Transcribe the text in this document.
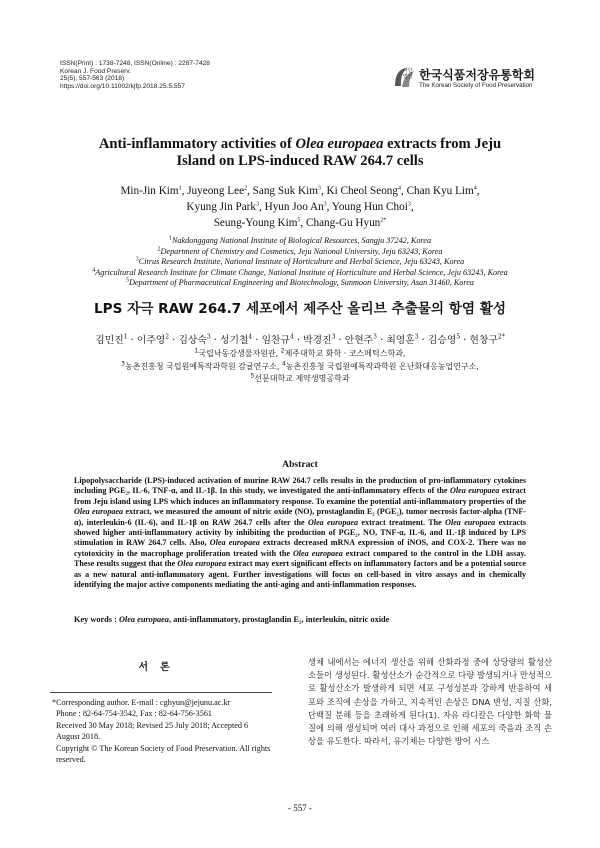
ISSN(Print) : 1738-7248, ISSN(Online) : 2287-7428
Korean J. Food Preserv.
25(5), 557-563 (2018)
https://doi.org/10.11002/kjfp.2018.25.5.557
사단
법인 한국식품저장유통학회
The Korean Society of Food Preservation
Anti-inflammatory activities of Olea europaea extracts from Jeju
Island on LPS-induced RAW 264.7 cells
Min-Jin Kim$^1$, Juyeong Lee$^2$, Sang Suk Kim$^3$, Ki Cheol Seong$^4$, Chan Kyu Lim$^4$,
Kyung Jin Park$^3$, Hyun Joo An$^3$, Young Hun Choi$^3$,
Seung-Young Kim$^5$, Chang-Gu Hyun$^{2*}$
$^1$Nakdonggang National Institute of Biological Resources, Sangju 37242, Korea
$^2$Department of Chemistry and Cosmetics, Jeju National University, Jeju 63243, Korea
$^3$Citrus Research Institute, National Institute of Horticulture and Herbal Science, Jeju 63243, Korea
$^4$Agricultural Research Institute for Climate Change, National Institute of Horticulture and Herbal Science, Jeju 63243, Korea
$^5$Department of Pharmaceutical Engineering and Biotechnology, Sunmoon University, Asan 31460, Korea
LPS 자극 RAW 264.7 세포에서 제주산 올리브 추출물의 항염 활성
김민진$^1$ · 이주영$^2$ · 김상숙$^3$ · 성기철$^4$ · 임찬규$^4$ · 박경진$^3$ · 안현주$^3$ · 최영훈$^3$ · 김승영$^5$ · 현창구$^{2*}$
$^1$국립낙동강생물자원관, $^2$제주대학교 화학 · 코스메틱스학과,
$^3$농촌진흥청 국립원예특작과학원 감귤연구소, $^4$농촌진흥청 국립원예특작과학원 온난화대응농업연구소,
$^5$선문대학교 제약생명공학과
Abstract
Lipopolysaccharide (LPS)-induced activation of murine RAW 264.7 cells results in the production of pro-inflammatory cytokines including PGE₂, IL-6, TNF-α, and IL-1β. In this study, we investigated the anti-inflammatory effects of the Olea europaea extract from Jeju island using LPS which induces an inflammatory response. To examine the potential anti-inflammatory properties of the Olea europaea extract, we measured the amount of nitric oxide (NO), prostaglandin E₂ (PGE₂), tumor necrosis factor-alpha (TNF-α), interleukin-6 (IL-6), and IL-1β on RAW 264.7 cells after the Olea europaea extract treatment. The Olea europaea extracts showed higher anti-inflammatory activity by inhibiting the production of PGE₂, NO, TNF-α, IL-6, and IL-1β induced by LPS stimulation in RAW 264.7 cells. Also, Olea europaea extracts decreased mRNA expression of iNOS, and COX-2. There was no cytotoxicity in the macrophage proliferation treated with the Olea europaea extract compared to the control in the LDH assay. These results suggest that the Olea europaea extract may exert significant effects on inflammatory factors and be a potential source as a new natural anti-inflammatory agent. Further investigations will focus on cell-based in vitro assays and in chemically identifying the major active components mediating the anti-aging and anti-inflammation responses.
Key words : Olea europaea, anti-inflammatory, prostaglandin E₂, interleukin, nitric oxide
서론	생체 내에서는 에너지 생산을 위해 산화과정 중에 상당량의 활성산소들이 생성된다. 활성산소가 순간적으로 다량 발생되거나 만성적으로 활성산소가 발생하게 되면 세포 구성성분과 강하게 반응하여 세포와 조직에 손상을 가하고, 지속적인 손상은 DNA 변성, 지질 산화, 단백질 분해 등을 초래하게 된다(1). 자유 라디칼은 다양한 화학 물질에 의해 생성되며 여러 대사 과정으로 인해 세포의 죽음과 조직 손상을 유도한다. 따라서, 유기체는 다양한 방어 시스
*Corresponding author. E-mail : cghyun@jejunu.ac.kr
Phone : 82-64-754-3542, Fax : 82-64-756-3561
Received 30 May 2018; Revised 25 July 2018; Accepted 6 August 2018.
Copyright © The Korean Society of Food Preservation. All rights reserved.
- 557 -
